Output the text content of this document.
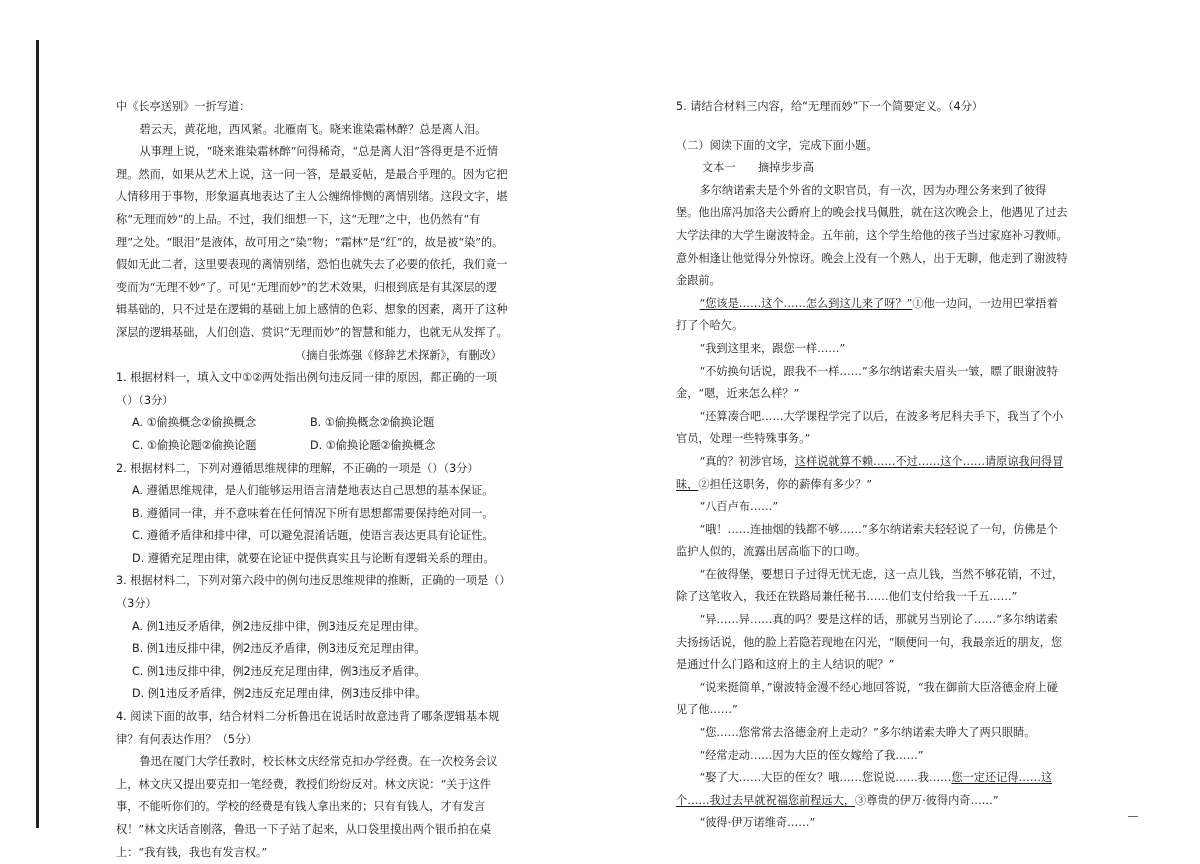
中《长亭送别》一折写道：

碧云天，黄花地，西风紧。北雁南飞。晓来谁染霜林醉？总是离人泪。

从事理上说，“晓来谁染霜林醉”问得稀奇，“总是离人泪”答得更是不近情理。然而，如果从艺术上说，这一问一答，是最妥帖，是最合乎理的。因为它把人情移用于事物，形象逼真地表达了主人公缠绵悱恻的离情别绪。这段文字，堪称“无理而妙”的上品。不过，我们细想一下，这“无理”之中，也仍然有“有理”之处。“眼泪”是液体，故可用之“染”物；“霜林”是“红”的，故是被“染”的。假如无此二者，这里要表现的离情别绪，恐怕也就失去了必要的依托，我们竟一变而为“无理不妙”了。可见“无理而妙”的艺术效果，归根到底是有其深层的逻辑基础的，只不过是在逻辑的基础上加上感情的色彩、想象的因素，离开了这种深层的逻辑基础，人们创造、赏识“无理而妙”的智慧和能力，也就无从发挥了。

（摘自张炼强《修辞艺术探新》，有删改）

1. 根据材料一，填入文中①②两处指出例句违反同一律的原因，都正确的一项（）（3分）

A. ①偷换概念②偷换概念	B. ①偷换概念②偷换论题
C. ①偷换论题②偷换论题	D. ①偷换论题②偷换概念

2. 根据材料二，下列对遵循思维规律的理解，不正确的一项是（）（3分）

A. 遵循思维规律，是人们能够运用语言清楚地表达自己思想的基本保证。

B. 遵循同一律，并不意味着在任何情况下所有思想都需要保持绝对同一。

C. 遵循矛盾律和排中律，可以避免混淆话题，使语言表达更具有论证性。

D. 遵循充足理由律，就要在论证中提供真实且与论断有逻辑关系的理由。

3. 根据材料二，下列对第六段中的例句违反思维规律的推断，正确的一项是（）（3分）

A. 例1违反矛盾律，例2违反排中律，例3违反充足理由律。

B. 例1违反排中律，例2违反矛盾律，例3违反充足理由律。

C. 例1违反排中律，例2违反充足理由律，例3违反矛盾律。

D. 例1违反矛盾律，例2违反充足理由律，例3违反排中律。

4. 阅读下面的故事，结合材料二分析鲁迅在说话时故意违背了哪条逻辑基本规律？有何表达作用？（5分）

鲁迅在厦门大学任教时，校长林文庆经常克扣办学经费。在一次校务会议上，林文庆又提出要克扣一笔经费，教授们纷纷反对。林文庆说：“关于这件事，不能听你们的。学校的经费是有钱人拿出来的；只有有钱人，才有发言权！”林文庆话音刚落，鲁迅一下子站了起来，从口袋里摸出两个银币拍在桌上：“我有钱，我也有发言权。”

5. 请结合材料三内容，给“无理而妙”下一个简要定义。（4分）

（二）阅读下面的文字，完成下面小题。

文本一　　摘掉步步高

多尔纳诺索夫是个外省的文职官员，有一次，因为办理公务来到了彼得堡。他出席冯加洛夫公爵府上的晚会找马佩胜，就在这次晚会上，他遇见了过去大学法律的大学生谢波特金。五年前，这个学生给他的孩子当过家庭补习教师。意外相逢让他觉得分外惊讶。晚会上没有一个熟人，出于无聊，他走到了谢波特金跟前。

“您该是……这个……怎么到这儿来了呀？”①他一边问，一边用巴掌捂着打了个哈欠。

“我到这里来，跟您一样……”

“不妨换句话说，跟我不一样……”多尔纳诺索夫眉头一皱，瞟了眼谢波特金，“嗯，近来怎么样？”

“还算凑合吧……大学课程学完了以后，在波多考尼科夫手下，我当了个小官员，处理一些特殊事务。”

“真的？初涉官场，这样说就算不赖……不过……这个……请原谅我问得冒昧，②担任这职务，你的薪俸有多少？”

“八百卢布……”

“哦！……连抽烟的钱都不够……”多尔纳诺索夫轻轻说了一句，仿佛是个监护人似的，流露出居高临下的口吻。

“在彼得堡，要想日子过得无忧无虑，这一点儿钱，当然不够花销，不过，除了这笔收入，我还在铁路局兼任秘书……他们支付给我一千五……”

“异……异……真的吗？要是这样的话，那就另当别论了……”多尔纳诺索夫扬扬话说，他的脸上若隐若现地在闪光，“顺便问一句，我最亲近的朋友，您是通过什么门路和这府上的主人结识的呢？”

“说来挺简单，”谢波特金漫不经心地回答说，“我在御前大臣洛德金府上碰见了他……”

“您……您常常去洛德金府上走动？”多尔纳诺索夫睁大了两只眼睛。

“经常走动……因为大臣的侄女嫁给了我……”

“娶了大……大臣的侄女？哦……您说说……我……您一定还记得……这个……我过去早就祝福您前程远大，③尊贵的伊万·彼得内奇……”

“彼得·伊万诺维奇……”
